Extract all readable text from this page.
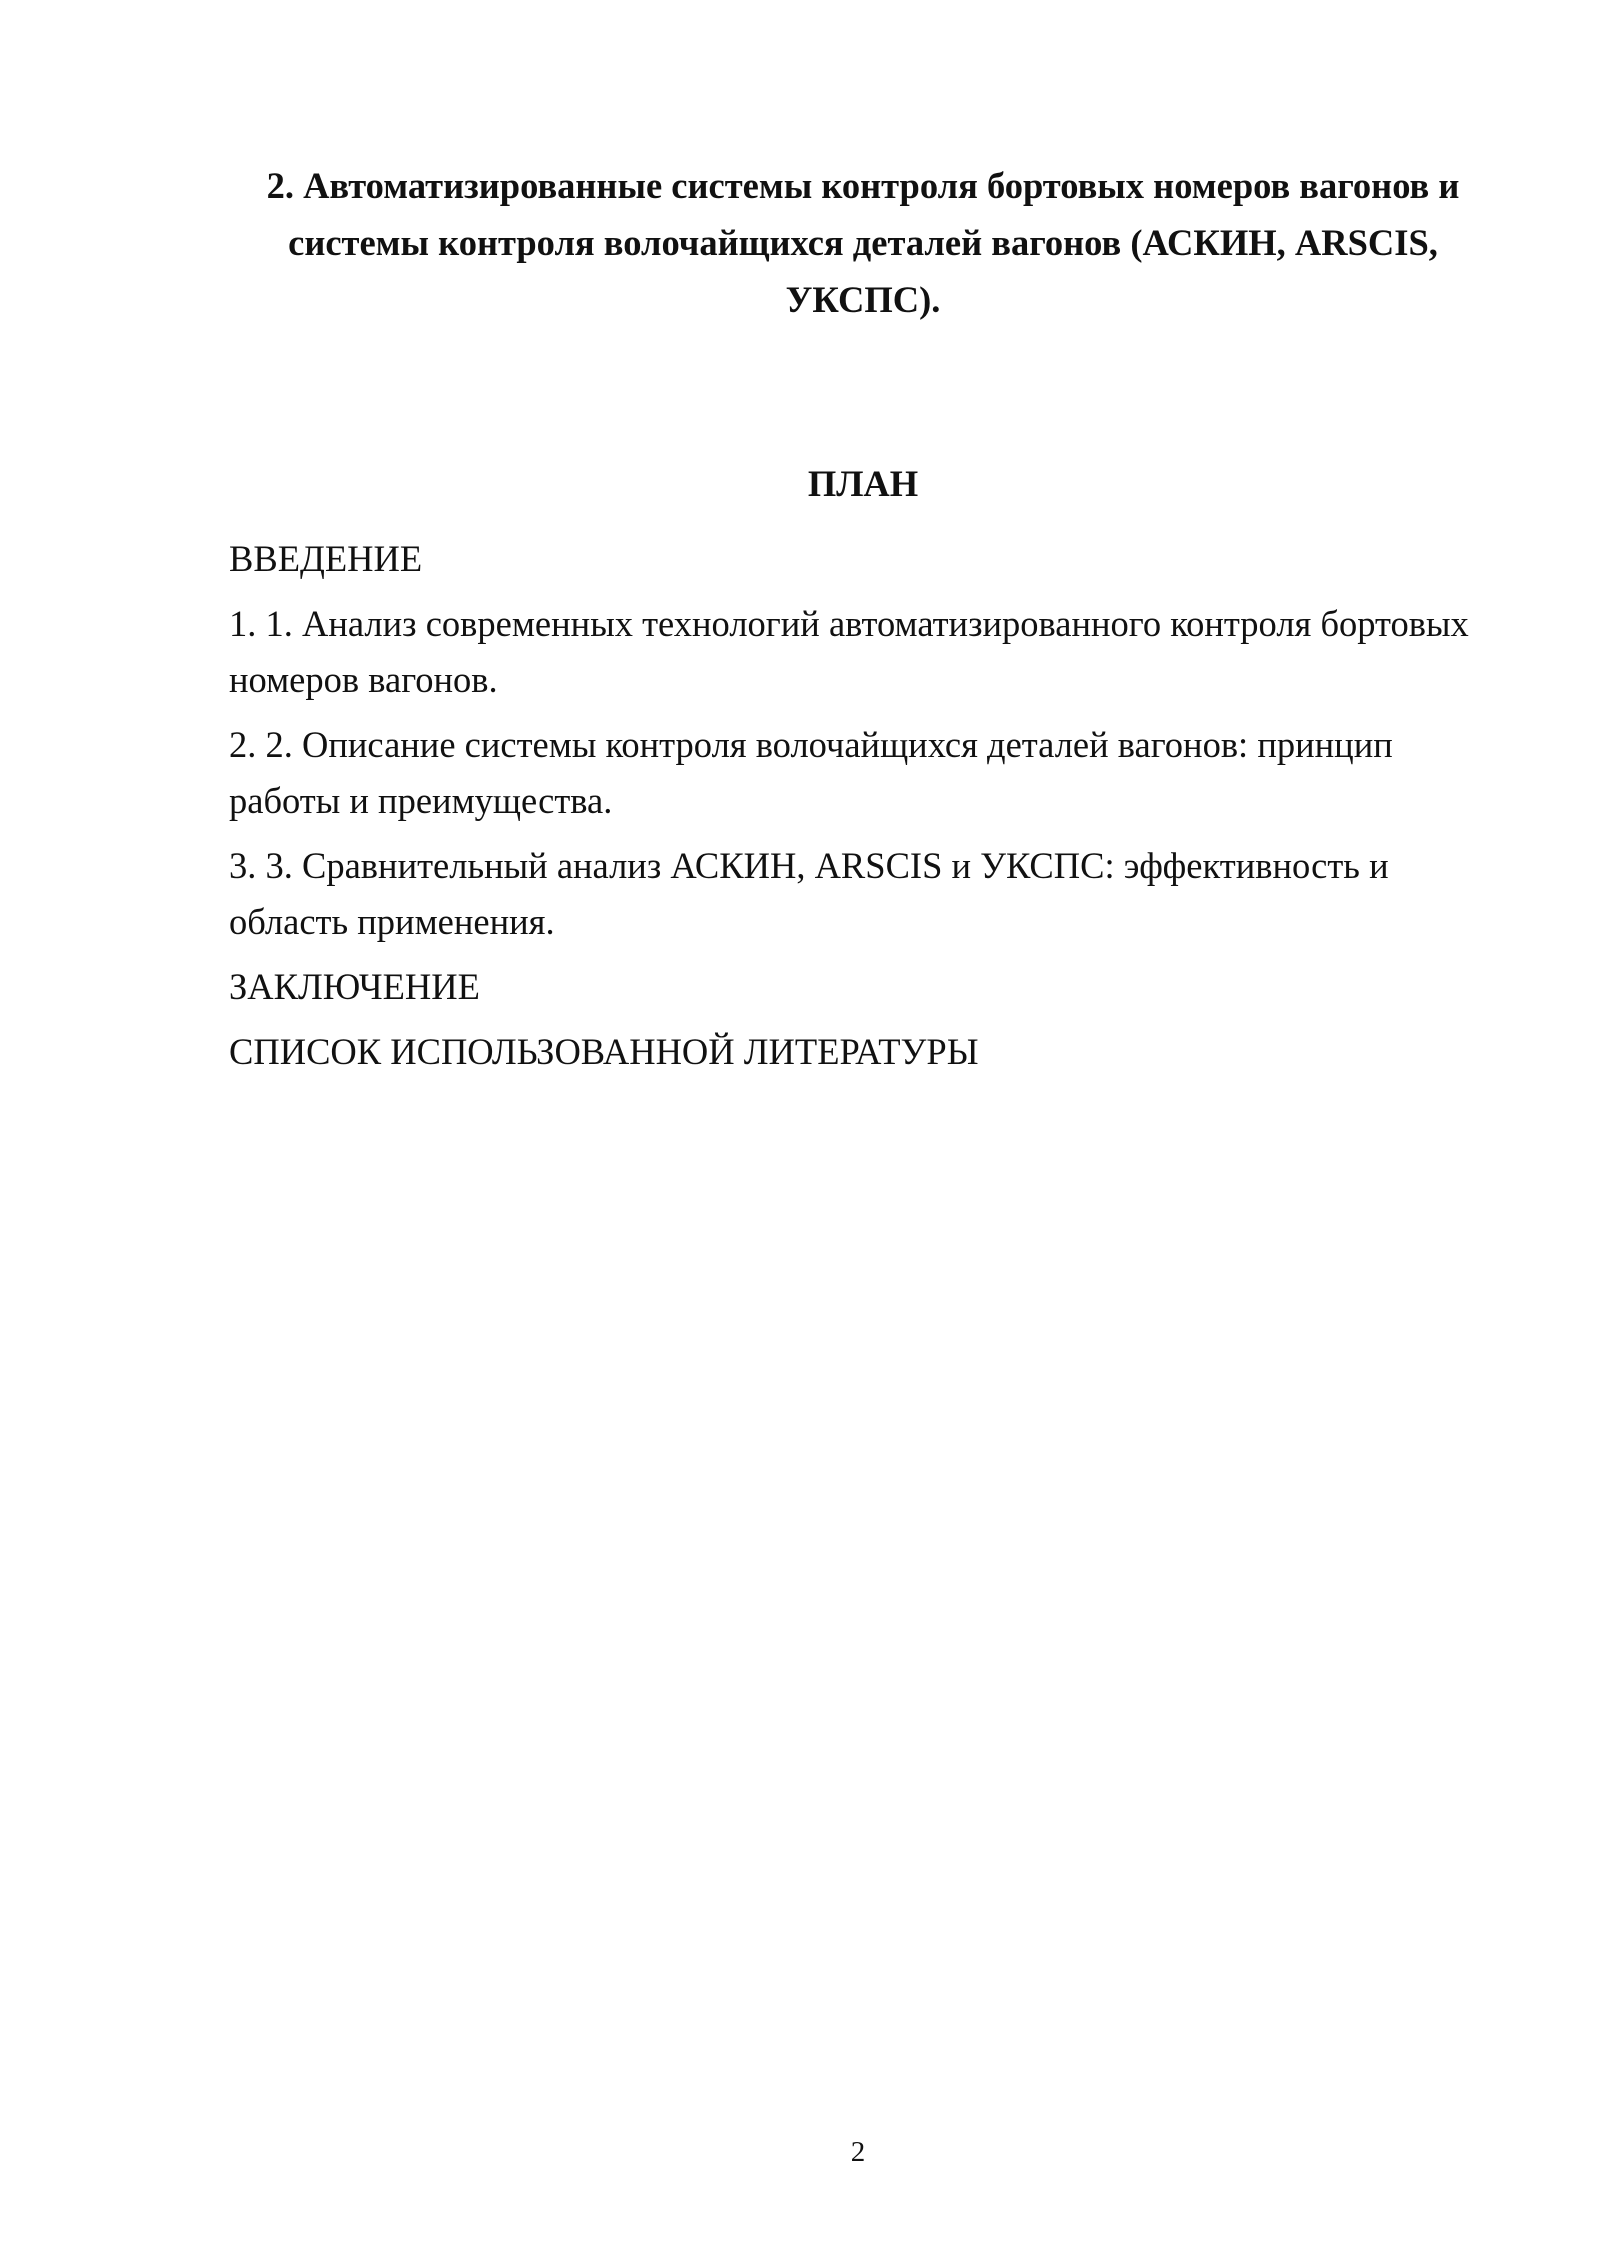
2. Автоматизированные системы контроля бортовых номеров вагонов и системы контроля волочайщихся деталей вагонов (АСКИН, ARSCIS, УКСПС).
ПЛАН
ВВЕДЕНИЕ
1. 1. Анализ современных технологий автоматизированного контроля бортовых номеров вагонов.
2. 2. Описание системы контроля волочайщихся деталей вагонов: принцип работы и преимущества.
3. 3. Сравнительный анализ АСКИН, ARSCIS и УКСПС: эффективность и область применения.
ЗАКЛЮЧЕНИЕ
СПИСОК ИСПОЛЬЗОВАННОЙ ЛИТЕРАТУРЫ
2
